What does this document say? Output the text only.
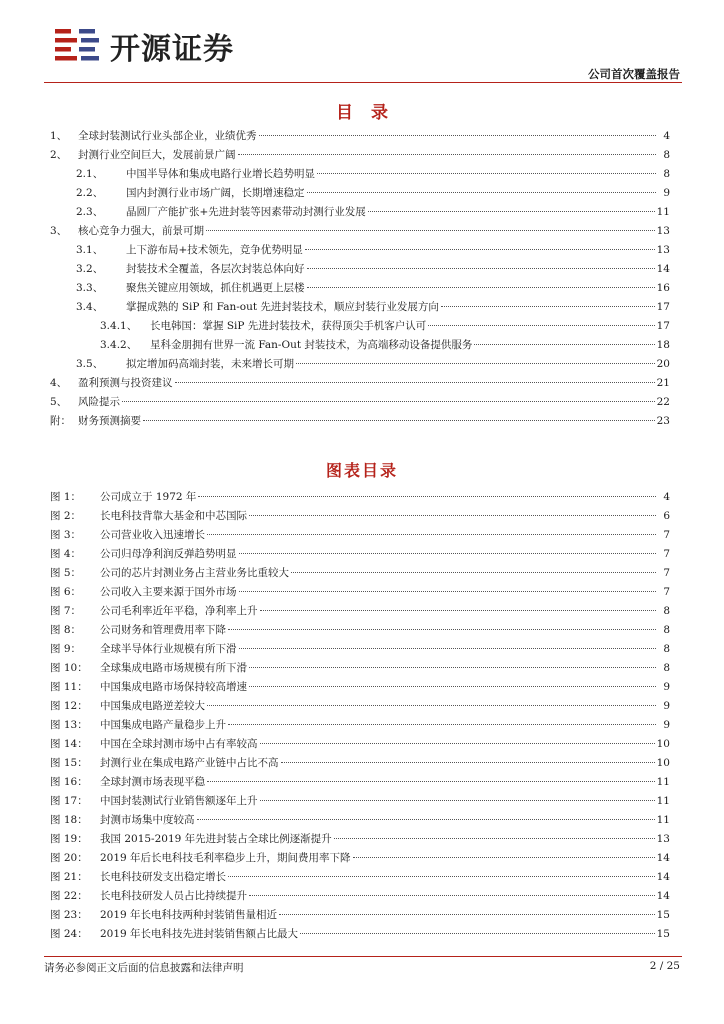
开源证券
公司首次覆盖报告
目录
1、	全球封装测试行业头部企业，业绩优秀	4
2、	封测行业空间巨大，发展前景广阔	8
2.1、	中国半导体和集成电路行业增长趋势明显	8
2.2、	国内封测行业市场广阔，长期增速稳定	9
2.3、	晶圆厂产能扩张+先进封装等因素带动封测行业发展	11
3、	核心竞争力强大，前景可期	13
3.1、	上下游布局+技术领先，竞争优势明显	13
3.2、	封装技术全覆盖，各层次封装总体向好	14
3.3、	聚焦关键应用领域，抓住机遇更上层楼	16
3.4、	掌握成熟的 SiP 和 Fan-out 先进封装技术，顺应封装行业发展方向	17
3.4.1、	长电韩国：掌握 SiP 先进封装技术，获得顶尖手机客户认可	17
3.4.2、	星科金朋拥有世界一流 Fan-Out 封装技术，为高端移动设备提供服务	18
3.5、	拟定增加码高端封装，未来增长可期	20
4、	盈利预测与投资建议	21
5、	风险提示	22
附： 财务预测摘要	23
图表目录
图 1：	公司成立于 1972 年	4
图 2：	长电科技背靠大基金和中芯国际	6
图 3：	公司营业收入迅速增长	7
图 4：	公司归母净利润反弹趋势明显	7
图 5：	公司的芯片封测业务占主营业务比重较大	7
图 6：	公司收入主要来源于国外市场	7
图 7：	公司毛利率近年平稳，净利率上升	8
图 8：	公司财务和管理费用率下降	8
图 9：	全球半导体行业规模有所下滑	8
图 10：	全球集成电路市场规模有所下滑	8
图 11：	中国集成电路市场保持较高增速	9
图 12：	中国集成电路逆差较大	9
图 13：	中国集成电路产量稳步上升	9
图 14：	中国在全球封测市场中占有率较高	10
图 15：	封测行业在集成电路产业链中占比不高	10
图 16：	全球封测市场表现平稳	11
图 17：	中国封装测试行业销售额逐年上升	11
图 18：	封测市场集中度较高	11
图 19：	我国 2015-2019 年先进封装占全球比例逐渐提升	13
图 20：	2019 年后长电科技毛利率稳步上升，期间费用率下降	14
图 21：	长电科技研发支出稳定增长	14
图 22：	长电科技研发人员占比持续提升	14
图 23：	2019 年长电科技两种封装销售量相近	15
图 24：	2019 年长电科技先进封装销售额占比最大	15
请务必参阅正文后面的信息披露和法律声明	2 / 25
